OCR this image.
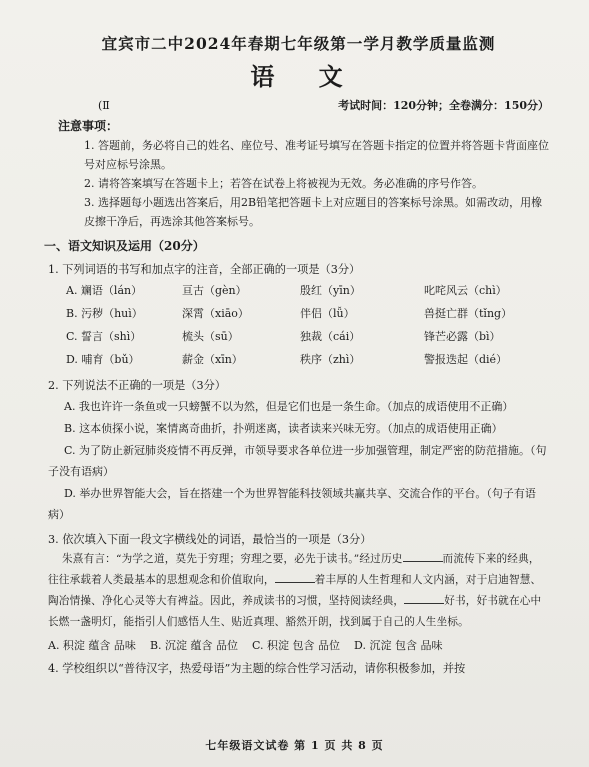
宜宾市二中2024年春期七年级第一学月教学质量监测
语 文
(Ⅱ	考试时间：120分钟；全卷满分：150分）
注意事项：
1. 答题前，务必将自己的姓名、座位号、准考证号填写在答题卡指定的位置并将答题卡背面座位号对应标号涂黑。
2. 请将答案填写在答题卡上；若答在试卷上将被视为无效。务必准确的序号作答。
3. 选择题每小题选出答案后，用2B铅笔把答题卡上对应题目的答案标号涂黑。如需改动，用橡皮擦干净后，再选涂其他答案标号。
一、语文知识及运用（20分）
1. 下列词语的书写和加点字的注音，全部正确的一项是（3分）
A. 斓语（lán）	亘古（gèn）	殷红（yīn）	叱咤风云（chì）
B. 污秽（huì）	深霄（xiāo）	伴侣（lǚ）	兽挺亡群（tǐng）
C. 誓言（shì）	梳头（sū）	独裁（cái）	锋芒必露（bì）
D. 哺育（bǔ）	薪金（xīn）	秩序（zhì）	警报迭起（dié）
2. 下列说法不正确的一项是（3分）
A. 我也许许一条鱼或一只螃蟹不以为然，但是它们也是一条生命。（加点的成语使用不正确）
B. 这本侦探小说，案情离奇曲折，扑朔迷离，读者读来兴味无穷。（加点的成语使用正确）
C. 为了防止新冠肺炎疫情不再反弹，市领导要求各单位进一步加强管理，制定严密的防范措施。（句子没有语病）
D. 举办世界智能大会，旨在搭建一个为世界智能科技领域共赢共享、交流合作的平台。（句子有语病）
3. 依次填入下面一段文字横线处的词语，最恰当的一项是（3分）
朱熹有言：“为学之道，莫先于穷理；穷理之要，必先于读书。”经过历史	而流传下来的经典，往往承载着人类最基本的思想观念和价值取向，	着丰厚的人生哲理和人文内涵，对于启迪智慧、陶冶情操、净化心灵等大有裨益。因此，养成读书的习惯，坚持阅读经典，	好书，好书就在心中长燃一盏明灯，能指引人们感悟人生、贴近真理、豁然开朗，找到属于自己的人生坐标。
A. 积淀 蕴含 品味 B. 沉淀 蕴含 品位 C. 积淀 包含 品位 D. 沉淀 包含 品味
4. 学校组织以“普待汉字，热爱母语”为主题的综合性学习活动，请你积极参加，并按
七年级语文试卷 第 1 页 共 8 页
